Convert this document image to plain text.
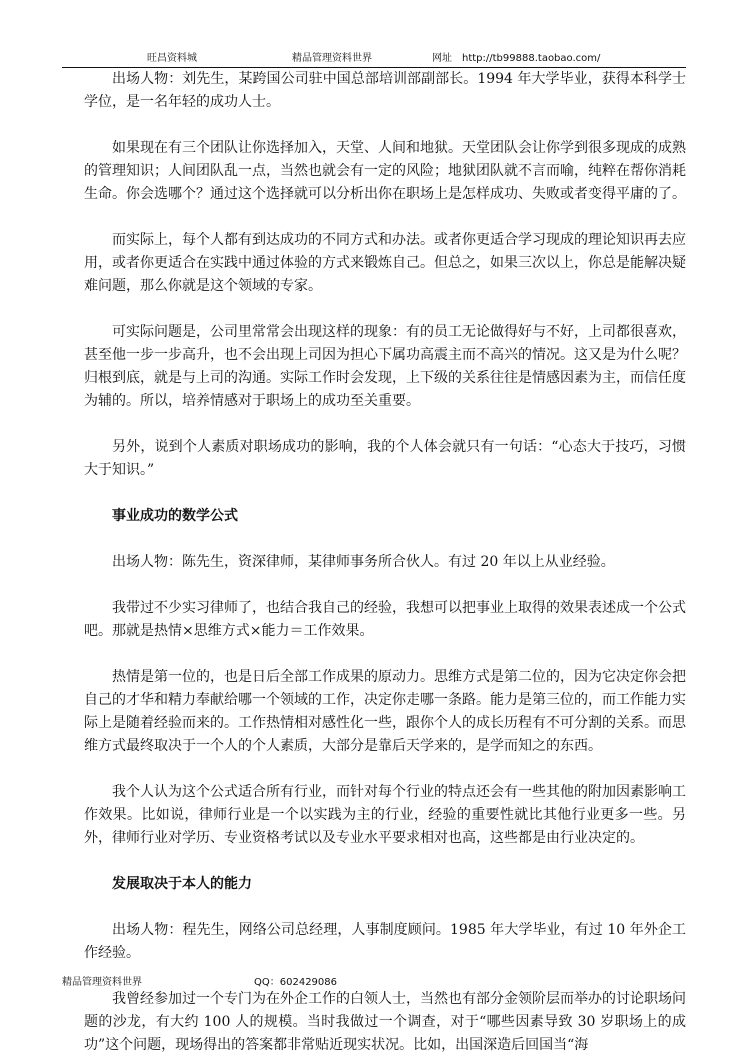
旺昌资料城	精品管理资料世界	网址　http://tb99888.taobao.com/

出场人物：刘先生，某跨国公司驻中国总部培训部副部长。1994 年大学毕业，获得本科学士学位，是一名年轻的成功人士。

如果现在有三个团队让你选择加入，天堂、人间和地狱。天堂团队会让你学到很多现成的成熟的管理知识；人间团队乱一点，当然也就会有一定的风险；地狱团队就不言而喻，纯粹在帮你消耗生命。你会选哪个？通过这个选择就可以分析出你在职场上是怎样成功、失败或者变得平庸的了。

而实际上，每个人都有到达成功的不同方式和办法。或者你更适合学习现成的理论知识再去应用，或者你更适合在实践中通过体验的方式来锻炼自己。但总之，如果三次以上，你总是能解决疑难问题，那么你就是这个领域的专家。

可实际问题是，公司里常常会出现这样的现象：有的员工无论做得好与不好，上司都很喜欢，甚至他一步一步高升，也不会出现上司因为担心下属功高震主而不高兴的情况。这又是为什么呢？归根到底，就是与上司的沟通。实际工作时会发现，上下级的关系往往是情感因素为主，而信任度为辅的。所以，培养情感对于职场上的成功至关重要。

另外，说到个人素质对职场成功的影响，我的个人体会就只有一句话：“心态大于技巧，习惯大于知识。”

事业成功的数学公式

出场人物：陈先生，资深律师，某律师事务所合伙人。有过 20 年以上从业经验。

我带过不少实习律师了，也结合我自己的经验，我想可以把事业上取得的效果表述成一个公式吧。那就是热情×思维方式×能力＝工作效果。

热情是第一位的，也是日后全部工作成果的原动力。思维方式是第二位的，因为它决定你会把自己的才华和精力奉献给哪一个领域的工作，决定你走哪一条路。能力是第三位的，而工作能力实际上是随着经验而来的。工作热情相对感性化一些，跟你个人的成长历程有不可分割的关系。而思维方式最终取决于一个人的个人素质，大部分是靠后天学来的，是学而知之的东西。

我个人认为这个公式适合所有行业，而针对每个行业的特点还会有一些其他的附加因素影响工作效果。比如说，律师行业是一个以实践为主的行业，经验的重要性就比其他行业更多一些。另外，律师行业对学历、专业资格考试以及专业水平要求相对也高，这些都是由行业决定的。

发展取决于本人的能力

出场人物：程先生，网络公司总经理，人事制度顾问。1985 年大学毕业，有过 10 年外企工作经验。

我曾经参加过一个专门为在外企工作的白领人士，当然也有部分金领阶层而举办的讨论职场问题的沙龙，有大约 100 人的规模。当时我做过一个调查，对于“哪些因素导致 30 岁职场上的成功”这个问题，现场得出的答案都非常贴近现实状况。比如，出国深造后回国当“海

精品管理资料世界	QQ：602429086
